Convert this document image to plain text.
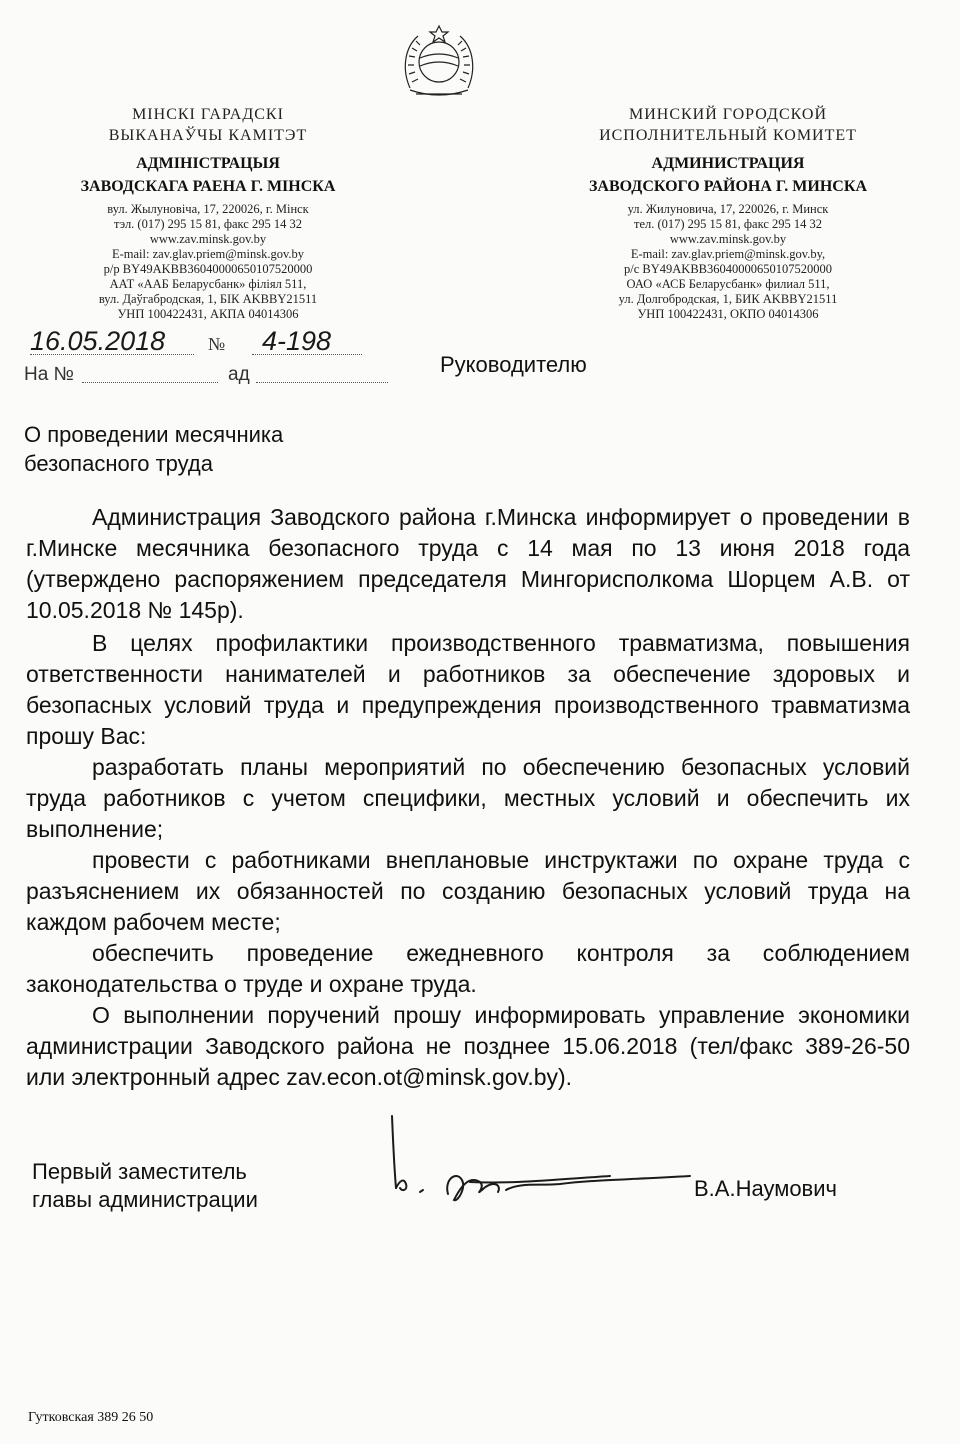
МІНСКІ ГАРАДСКІ
ВЫКАНАЎЧЫ КАМІТЭТ
АДМІНІСТРАЦЫЯ
ЗАВОДСКАГА РАЕНА Г. МІНСКА
вул. Жылуновіча, 17, 220026, г. Мінск
тэл. (017) 295 15 81, факс 295 14 32
www.zav.minsk.gov.by
E-mail: zav.glav.priem@minsk.gov.by
р/р BY49AKBB36040000650107520000
ААТ «ААБ Беларусбанк» філіял 511,
вул. Даўгабродская, 1, БІК AKBBY21511
УНП 100422431, АКПА 04014306
МИНСКИЙ ГОРОДСКОЙ
ИСПОЛНИТЕЛЬНЫЙ КОМИТЕТ
АДМИНИСТРАЦИЯ
ЗАВОДСКОГО РАЙОНА Г. МИНСКА
ул. Жилуновича, 17, 220026, г. Минск
тел. (017) 295 15 81, факс 295 14 32
www.zav.minsk.gov.by
E-mail: zav.glav.priem@minsk.gov.by,
р/с BY49AKBB36040000650107520000
ОАО «АСБ Беларусбанк» филиал 511,
ул. Долгобродская, 1, БИК AKBBY21511
УНП 100422431, ОКПО 04014306
16.05.2018 № 4-198
На №	ад	Руководителю
О проведении месячника
безопасного труда

Администрация Заводского района г.Минска информирует о проведении в г.Минске месячника безопасного труда с 14 мая по 13 июня 2018 года (утверждено распоряжением председателя Мингорисполкома Шорцем А.В. от 10.05.2018 № 145р).

В целях профилактики производственного травматизма, повышения ответственности нанимателей и работников за обеспечение здоровых и безопасных условий труда и предупреждения производственного травматизма прошу Вас:

разработать планы мероприятий по обеспечению безопасных условий труда работников с учетом специфики, местных условий и обеспечить их выполнение;

провести с работниками внеплановые инструктажи по охране труда с разъяснением их обязанностей по созданию безопасных условий труда на каждом рабочем месте;

обеспечить проведение ежедневного контроля за соблюдением законодательства о труде и охране труда.

О выполнении поручений прошу информировать управление экономики администрации Заводского района не позднее 15.06.2018 (тел/факс 389-26-50 или электронный адрес zav.econ.ot@minsk.gov.by).

Первый заместитель
главы администрации	В.А.Наумович
Гутковская 389 26 50
